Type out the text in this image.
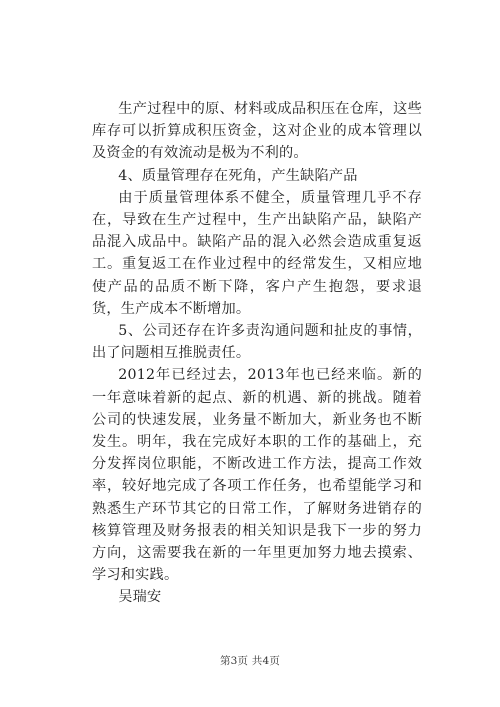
生产过程中的原、材料或成品积压在仓库，这些库存可以折算成积压资金，这对企业的成本管理以及资金的有效流动是极为不利的。

4、质量管理存在死角，产生缺陷产品

由于质量管理体系不健全，质量管理几乎不存在，导致在生产过程中，生产出缺陷产品，缺陷产品混入成品中。缺陷产品的混入必然会造成重复返工。重复返工在作业过程中的经常发生，又相应地使产品的品质不断下降，客户产生抱怨，要求退货，生产成本不断增加。

5、公司还存在许多责沟通问题和扯皮的事情，出了问题相互推脱责任。

2012年已经过去，2013年也已经来临。新的一年意味着新的起点、新的机遇、新的挑战。随着公司的快速发展，业务量不断加大，新业务也不断发生。明年，我在完成好本职的工作的基础上，充分发挥岗位职能，不断改进工作方法，提高工作效率，较好地完成了各项工作任务，也希望能学习和熟悉生产环节其它的日常工作，了解财务进销存的核算管理及财务报表的相关知识是我下一步的努力方向，这需要我在新的一年里更加努力地去摸索、学习和实践。

吴瑞安

第3页 共4页
